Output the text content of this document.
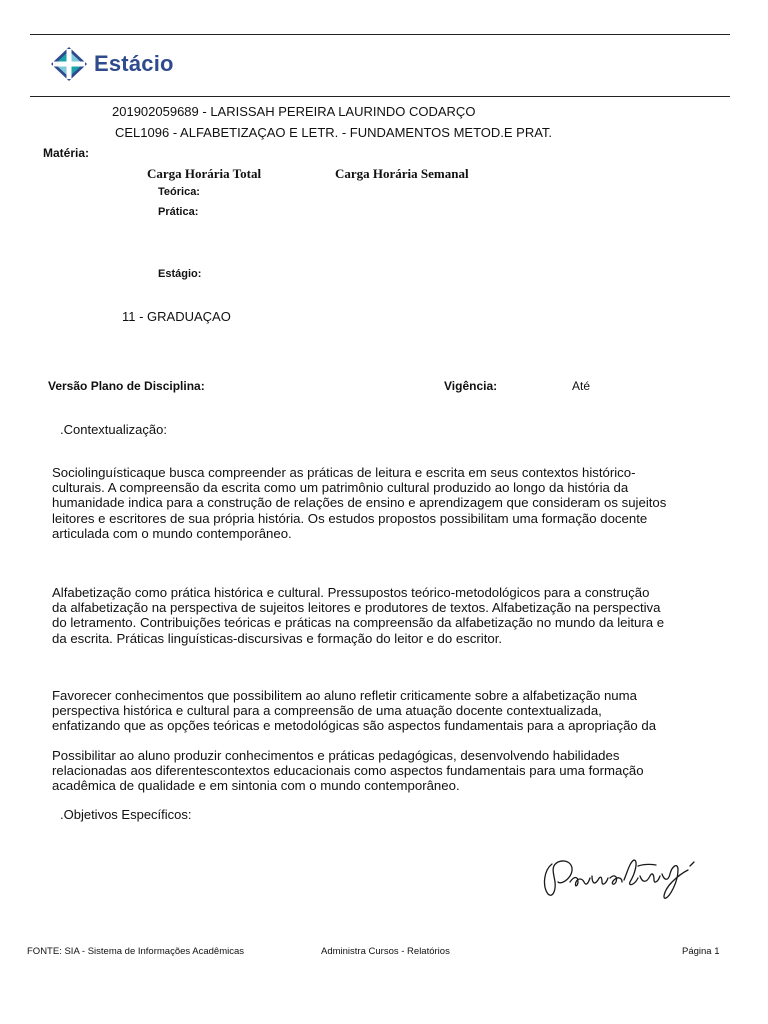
Estácio
201902059689 - LARISSAH PEREIRA LAURINDO CODARÇO
CEL1096 - ALFABETIZAÇAO E LETR. - FUNDAMENTOS METOD.E PRAT.
Matéria:
Carga Horária Total	Carga Horária Semanal
Teórica:
Prática:
Estágio:
11 - GRADUAÇAO
Versão Plano de Disciplina:	Vigência:	Até
.Contextualização:
Sociolinguísticaque busca compreender as práticas de leitura e escrita em seus contextos histórico-
culturais. A compreensão da escrita como um patrimônio cultural produzido ao longo da história da
humanidade indica para a construção de relações de ensino e aprendizagem que consideram os sujeitos
leitores e escritores de sua própria história. Os estudos propostos possibilitam uma formação docente
articulada com o mundo contemporâneo.
Alfabetização como prática histórica e cultural. Pressupostos teórico-metodológicos para a construção
da alfabetização na perspectiva de sujeitos leitores e produtores de textos. Alfabetização na perspectiva
do letramento. Contribuições teóricas e práticas na compreensão da alfabetização no mundo da leitura e
da escrita. Práticas linguísticas-discursivas e formação do leitor e do escritor.
Favorecer conhecimentos que possibilitem ao aluno refletir criticamente sobre a alfabetização numa
perspectiva histórica e cultural para a compreensão de uma atuação docente contextualizada,
enfatizando que as opções teóricas e metodológicas são aspectos fundamentais para a apropriação da
Possibilitar ao aluno produzir conhecimentos e práticas pedagógicas, desenvolvendo habilidades
relacionadas aos diferentescontextos educacionais como aspectos fundamentais para uma formação
acadêmica de qualidade e em sintonia com o mundo contemporâneo.
.Objetivos Específicos:
FONTE: SIA - Sistema de Informações Acadêmicas	Administra Cursos - Relatórios	Página 1
